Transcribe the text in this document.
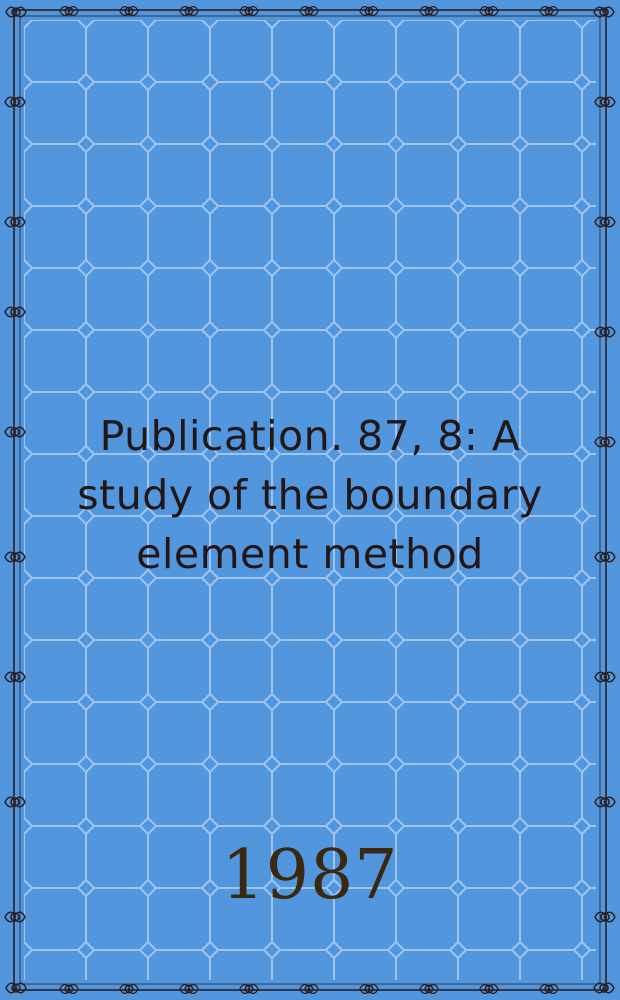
Publication. 87, 8: A
study of the boundary
element method
1987
